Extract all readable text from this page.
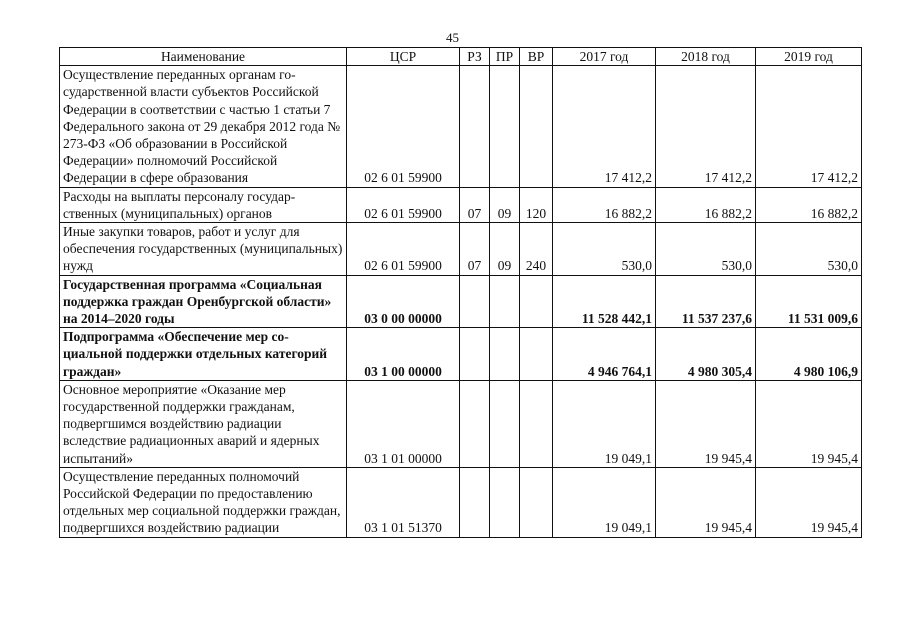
45
Наименование	ЦСР	РЗ	ПР	ВР	2017 год	2018 год	2019 год
Осуществление переданных органам государственной власти субъектов Российской Федерации в соответствии с частью 1 статьи 7 Федерального закона от 29 декабря 2012 года № 273-ФЗ «Об образовании в Российской Федерации» полномочий Российской Федерации в сфере образования	02 6 01 59900				17 412,2	17 412,2	17 412,2
Расходы на выплаты персоналу государственных (муниципальных) органов	02 6 01 59900	07	09	120	16 882,2	16 882,2	16 882,2
Иные закупки товаров, работ и услуг для обеспечения государственных (муниципальных) нужд	02 6 01 59900	07	09	240	530,0	530,0	530,0
Государственная программа «Социальная поддержка граждан Оренбургской области» на 2014–2020 годы	03 0 00 00000				11 528 442,1	11 537 237,6	11 531 009,6
Подпрограмма «Обеспечение мер социальной поддержки отдельных категорий граждан»	03 1 00 00000				4 946 764,1	4 980 305,4	4 980 106,9
Основное мероприятие «Оказание мер государственной поддержки гражданам, подвергшимся воздействию радиации вследствие радиационных аварий и ядерных испытаний»	03 1 01 00000				19 049,1	19 945,4	19 945,4
Осуществление переданных полномочий Российской Федерации по предоставлению отдельных мер социальной поддержки граждан, подвергшихся воздействию радиации	03 1 01 51370				19 049,1	19 945,4	19 945,4
